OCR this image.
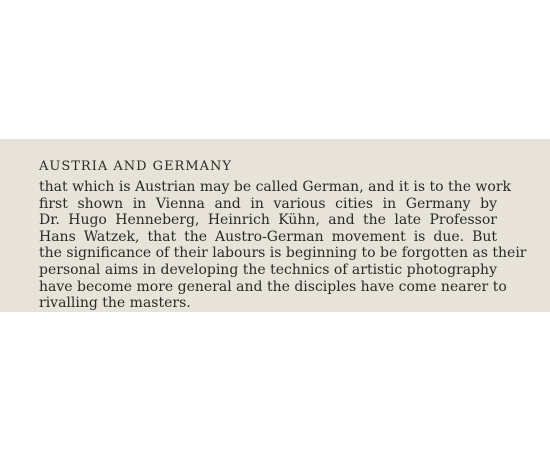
AUSTRIA AND GERMANY

that which is Austrian may be called German, and it is to the work
first shown in Vienna and in various cities in Germany by
Dr. Hugo Henneberg, Heinrich Kühn, and the late Professor
Hans Watzek, that the Austro-German movement is due. But
the significance of their labours is beginning to be forgotten as their
personal aims in developing the technics of artistic photography
have become more general and the disciples have come nearer to
rivalling the masters.
